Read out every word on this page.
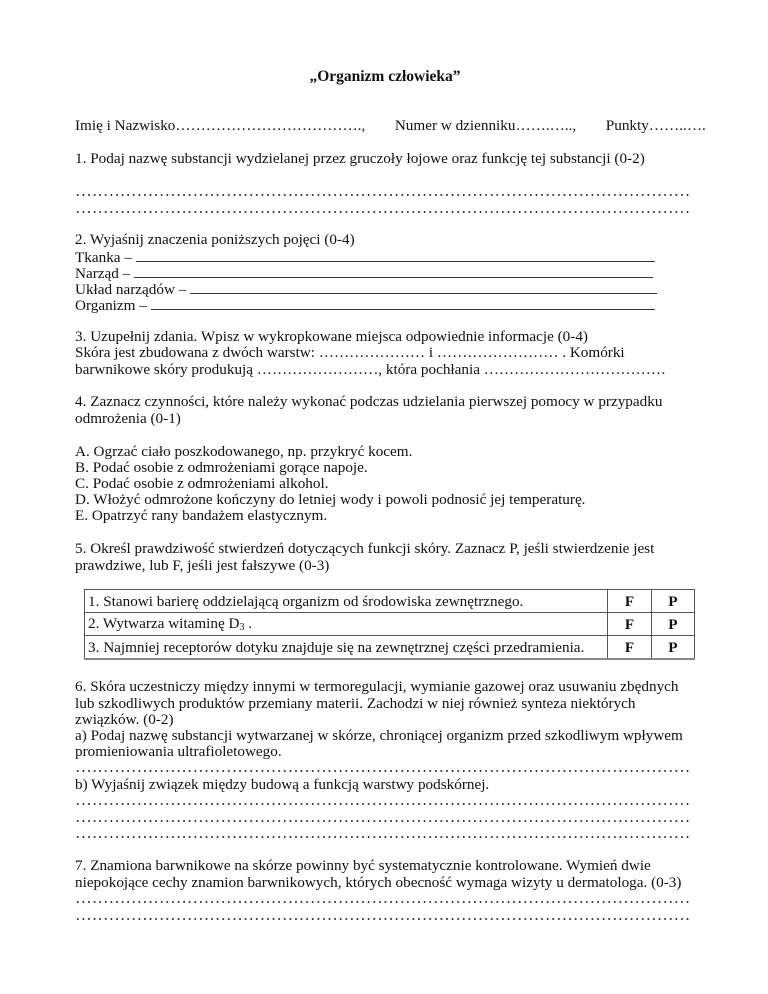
„Organizm człowieka”
Imię i Nazwisko………………………………., Numer w dzienniku…….….., Punkty……..….
1. Podaj nazwę substancji wydzielanej przez gruczoły łojowe oraz funkcję tej substancji (0-2)
2. Wyjaśnij znaczenia poniższych pojęci (0-4)
Tkanka –
Narząd –
Układ narządów –
Organizm –
3. Uzupełnij zdania. Wpisz w wykropkowane miejsca odpowiednie informacje (0-4)
Skóra jest zbudowana z dwóch warstw: ………………… i …………………… . Komórki
barwnikowe skóry produkują ……………………, która pochłania ………………………………
4. Zaznacz czynności, które należy wykonać podczas udzielania pierwszej pomocy w przypadku
odmrożenia (0-1)
A. Ogrzać ciało poszkodowanego, np. przykryć kocem.
B. Podać osobie z odmrożeniami gorące napoje.
C. Podać osobie z odmrożeniami alkohol.
D. Włożyć odmrożone kończyny do letniej wody i powoli podnosić jej temperaturę.
E. Opatrzyć rany bandażem elastycznym.
5. Określ prawdziwość stwierdzeń dotyczących funkcji skóry. Zaznacz P, jeśli stwierdzenie jest
prawdziwe, lub F, jeśli jest fałszywe (0-3)
1. Stanowi barierę oddzielającą organizm od środowiska zewnętrznego.	F	P
2. Wytwarza witaminę $D_3$ .	F	P
3. Najmniej receptorów dotyku znajduje się na zewnętrznej części przedramienia.	F	P
6. Skóra uczestniczy między innymi w termoregulacji, wymianie gazowej oraz usuwaniu zbędnych
lub szkodliwych produktów przemiany materii. Zachodzi w niej również synteza niektórych
związków. (0-2)
a) Podaj nazwę substancji wytwarzanej w skórze, chroniącej organizm przed szkodliwym wpływem
promieniowania ultrafioletowego.
b) Wyjaśnij związek między budową a funkcją warstwy podskórnej.
7. Znamiona barwnikowe na skórze powinny być systematycznie kontrolowane. Wymień dwie
niepokojące cechy znamion barwnikowych, których obecność wymaga wizyty u dermatologa. (0-3)
